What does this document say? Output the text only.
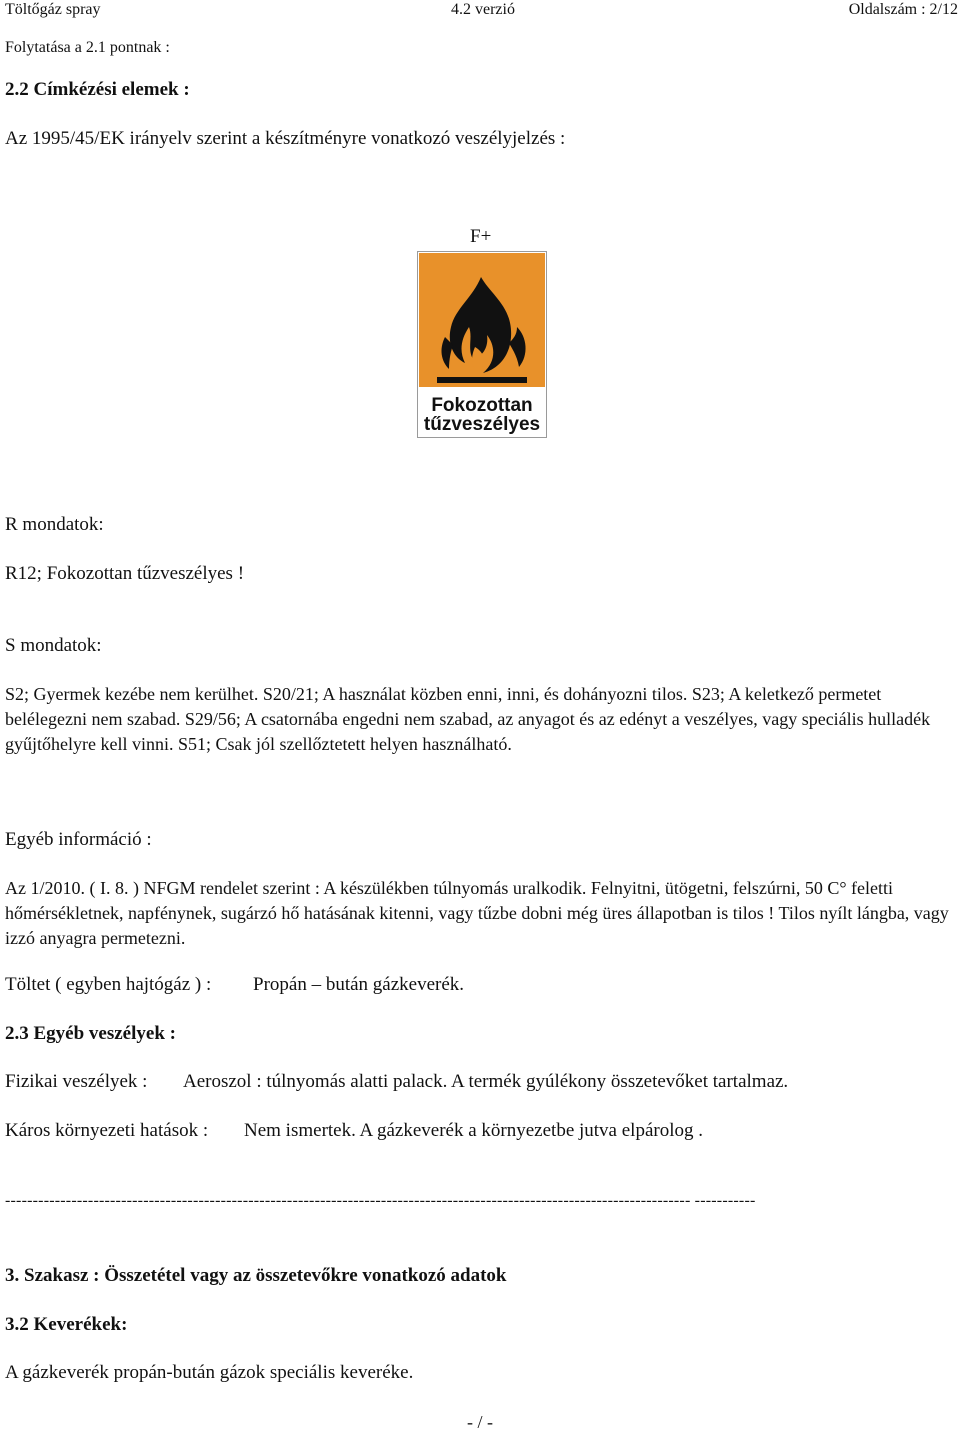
Töltőgáz spray	4.2 verzió	Oldalszám : 2/12
Folytatása a 2.1 pontnak :
2.2 Címkézési elemek :
Az 1995/45/EK irányelv szerint a készítményre vonatkozó veszélyjelzés :
F+
Fokozottan
tűzveszélyes
R mondatok:
R12; Fokozottan tűzveszélyes !
S mondatok:
S2; Gyermek kezébe nem kerülhet. S20/21; A használat közben enni, inni, és dohányozni tilos. S23; A keletkező permetet belélegezni nem szabad. S29/56; A csatornába engedni nem szabad, az anyagot és az edényt a veszélyes, vagy speciális hulladék gyűjtőhelyre kell vinni. S51; Csak jól szellőztetett helyen használható.
Egyéb információ :
Az 1/2010. ( I. 8. ) NFGM rendelet szerint : A készülékben túlnyomás uralkodik. Felnyitni, ütögetni, felszúrni, 50 C° feletti hőmérsékletnek, napfénynek, sugárzó hő hatásának kitenni, vagy tűzbe dobni még üres állapotban is tilos ! Tilos nyílt lángba, vagy izzó anyagra permetezni.
Töltet ( egyben hajtógáz ) : Propán – bután gázkeverék.
2.3 Egyéb veszélyek :
Fizikai veszélyek : Aeroszol : túlnyomás alatti palack. A termék gyúlékony összetevőket tartalmaz.
Káros környezeti hatások : Nem ismertek. A gázkeverék a környezetbe jutva elpárolog .
---------------------------------------------------------------------------------------------------------------------------- -----------
3. Szakasz : Összetétel vagy az összetevőkre vonatkozó adatok
3.2 Keverékek:
A gázkeverék propán-bután gázok speciális keveréke.
- / -
